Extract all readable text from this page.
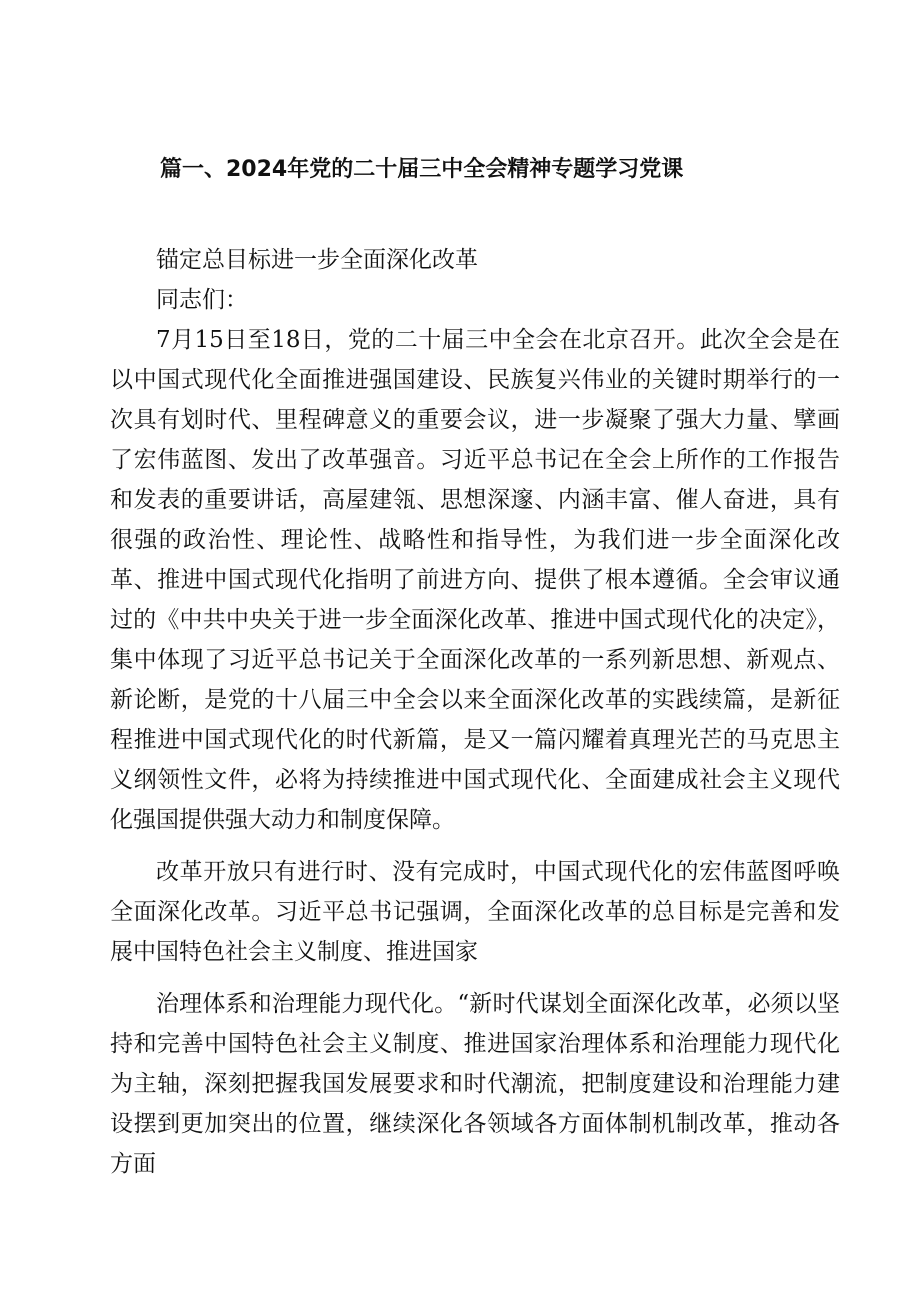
篇一、2024年党的二十届三中全会精神专题学习党课

锚定总目标进一步全面深化改革

同志们：

7月15日至18日，党的二十届三中全会在北京召开。此次全会是在以中国式现代化全面推进强国建设、民族复兴伟业的关键时期举行的一次具有划时代、里程碑意义的重要会议，进一步凝聚了强大力量、擘画了宏伟蓝图、发出了改革强音。习近平总书记在全会上所作的工作报告和发表的重要讲话，高屋建瓴、思想深邃、内涵丰富、催人奋进，具有很强的政治性、理论性、战略性和指导性，为我们进一步全面深化改革、推进中国式现代化指明了前进方向、提供了根本遵循。全会审议通过的《中共中央关于进一步全面深化改革、推进中国式现代化的决定》，集中体现了习近平总书记关于全面深化改革的一系列新思想、新观点、新论断，是党的十八届三中全会以来全面深化改革的实践续篇，是新征程推进中国式现代化的时代新篇，是又一篇闪耀着真理光芒的马克思主义纲领性文件，必将为持续推进中国式现代化、全面建成社会主义现代化强国提供强大动力和制度保障。

改革开放只有进行时、没有完成时，中国式现代化的宏伟蓝图呼唤全面深化改革。习近平总书记强调，全面深化改革的总目标是完善和发展中国特色社会主义制度、推进国家

治理体系和治理能力现代化。“新时代谋划全面深化改革，必须以坚持和完善中国特色社会主义制度、推进国家治理体系和治理能力现代化为主轴，深刻把握我国发展要求和时代潮流，把制度建设和治理能力建设摆到更加突出的位置，继续深化各领域各方面体制机制改革，推动各方面
